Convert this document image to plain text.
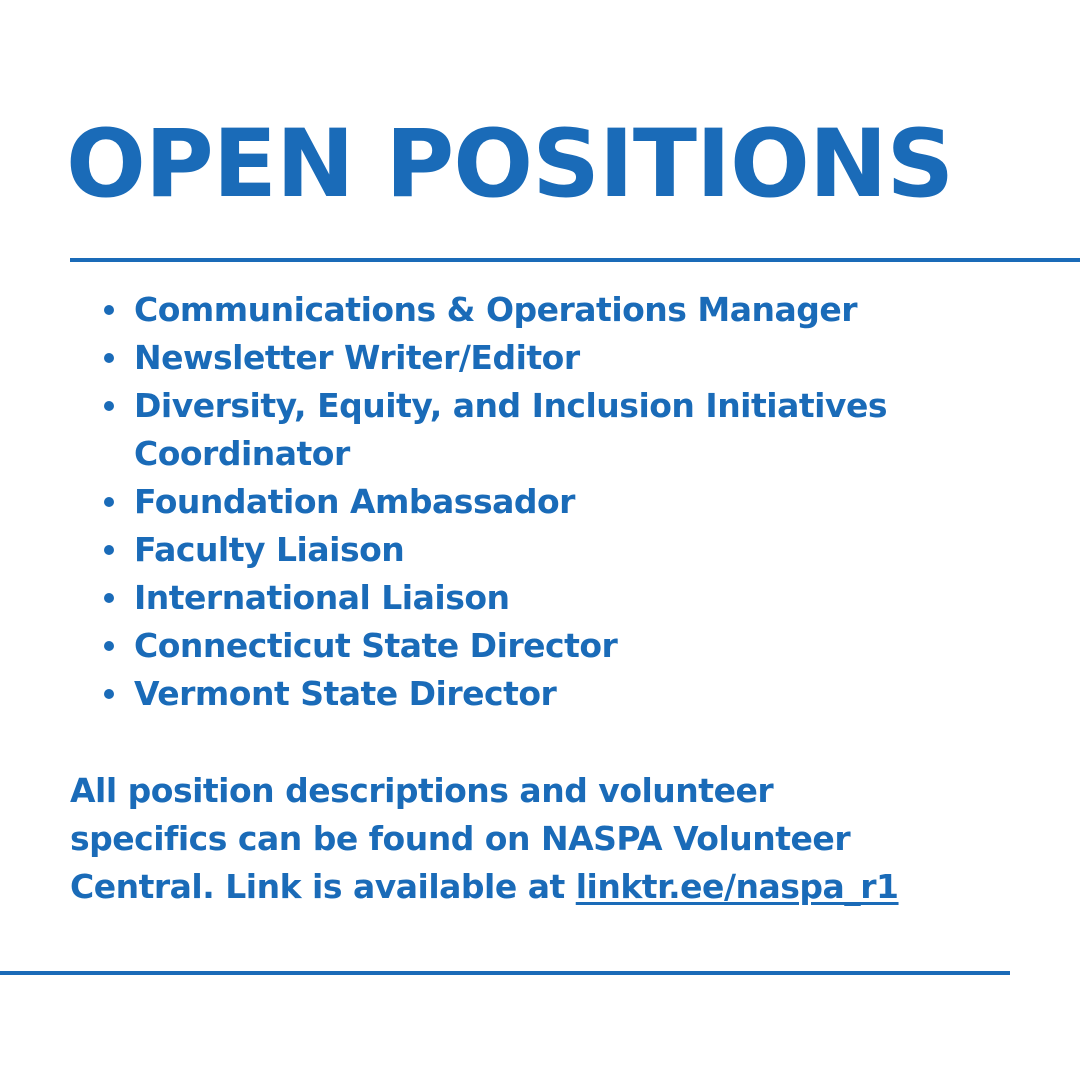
OPEN POSITIONS
Communications & Operations Manager
Newsletter Writer/Editor
Diversity, Equity, and Inclusion Initiatives
Coordinator
Foundation Ambassador
Faculty Liaison
International Liaison
Connecticut State Director
Vermont State Director

All position descriptions and volunteer
specifics can be found on NASPA Volunteer
Central. Link is available at linktr.ee/naspa_r1
